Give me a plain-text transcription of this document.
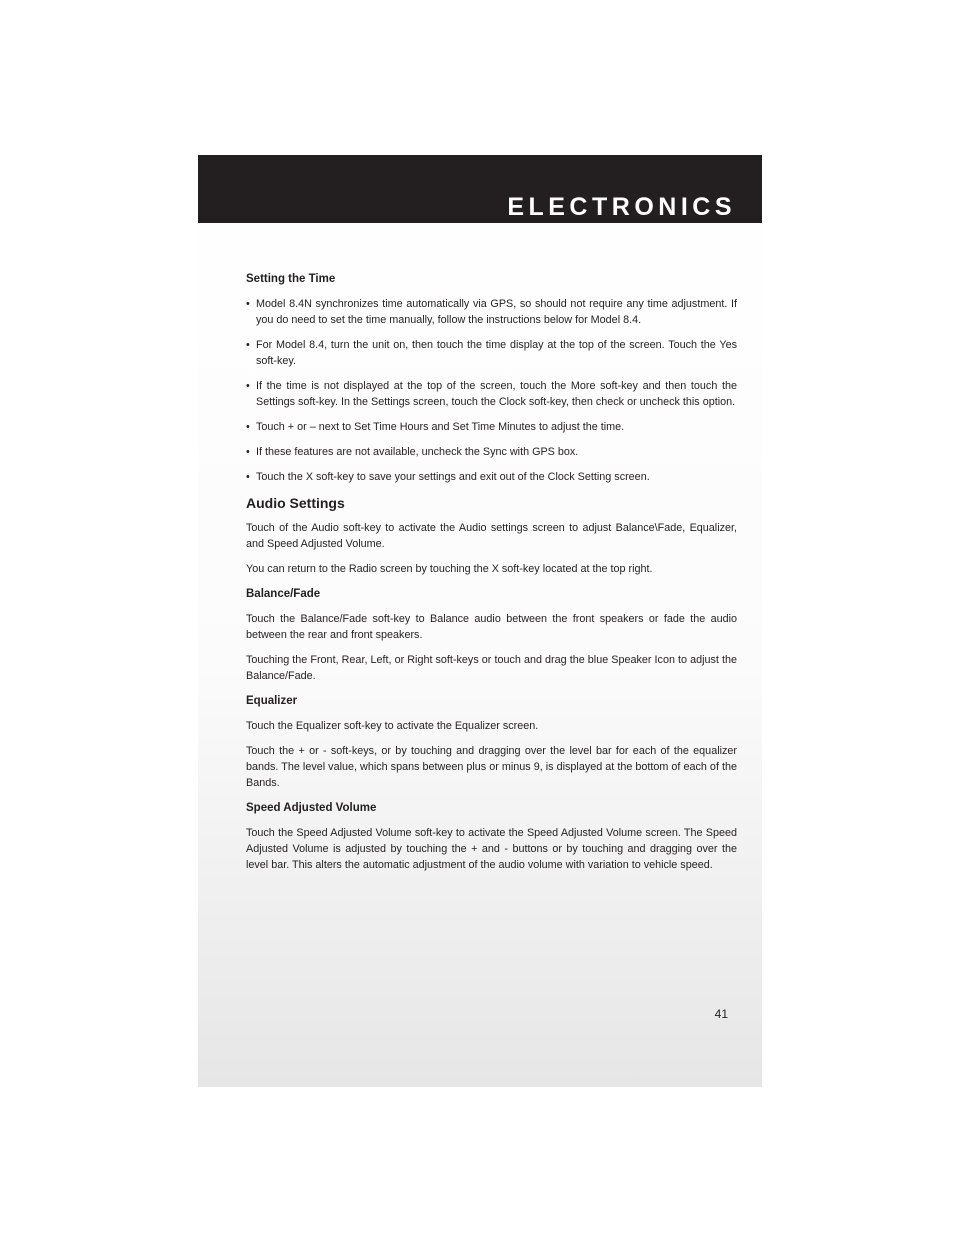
ELECTRONICS
Setting the Time
• Model 8.4N synchronizes time automatically via GPS, so should not require any time adjustment. If you do need to set the time manually, follow the instructions below for Model 8.4.
• For Model 8.4, turn the unit on, then touch the time display at the top of the screen. Touch the Yes soft-key.
• If the time is not displayed at the top of the screen, touch the More soft-key and then touch the Settings soft-key. In the Settings screen, touch the Clock soft-key, then check or uncheck this option.
• Touch + or – next to Set Time Hours and Set Time Minutes to adjust the time.
• If these features are not available, uncheck the Sync with GPS box.
• Touch the X soft-key to save your settings and exit out of the Clock Setting screen.
Audio Settings

Touch of the Audio soft-key to activate the Audio settings screen to adjust Balance\Fade, Equalizer, and Speed Adjusted Volume.

You can return to the Radio screen by touching the X soft-key located at the top right.

Balance/Fade

Touch the Balance/Fade soft-key to Balance audio between the front speakers or fade the audio between the rear and front speakers.

Touching the Front, Rear, Left, or Right soft-keys or touch and drag the blue Speaker Icon to adjust the Balance/Fade.

Equalizer

Touch the Equalizer soft-key to activate the Equalizer screen.

Touch the + or - soft-keys, or by touching and dragging over the level bar for each of the equalizer bands. The level value, which spans between plus or minus 9, is displayed at the bottom of each of the Bands.

Speed Adjusted Volume

Touch the Speed Adjusted Volume soft-key to activate the Speed Adjusted Volume screen. The Speed Adjusted Volume is adjusted by touching the + and - buttons or by touching and dragging over the level bar. This alters the automatic adjustment of the audio volume with variation to vehicle speed.

41
